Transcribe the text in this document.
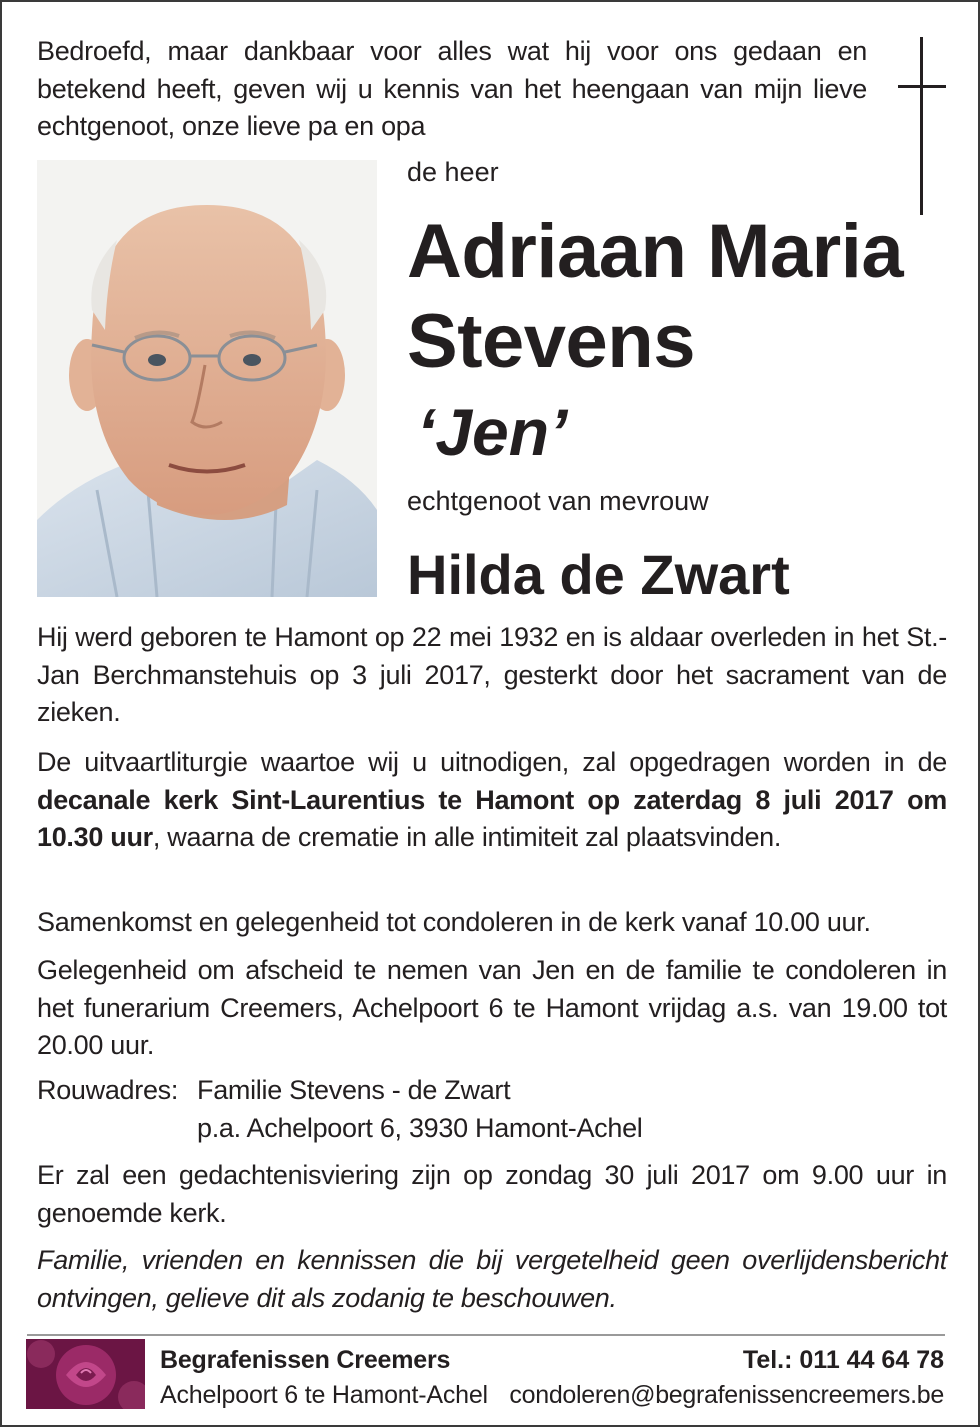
Bedroefd, maar dankbaar voor alles wat hij voor ons gedaan en betekend heeft, geven wij u kennis van het heengaan van mijn lieve echtgenoot, onze lieve pa en opa
de heer
Adriaan Maria
Stevens
‘Jen’
echtgenoot van mevrouw
Hilda de Zwart
Hij werd geboren te Hamont op 22 mei 1932 en is aldaar overleden in het St.-Jan Berchmanstehuis op 3 juli 2017, gesterkt door het sacrament van de zieken.
De uitvaartliturgie waartoe wij u uitnodigen, zal opgedragen worden in de decanale kerk Sint-Laurentius te Hamont op zaterdag 8 juli 2017 om 10.30 uur, waarna de crematie in alle intimiteit zal plaatsvinden.
Samenkomst en gelegenheid tot condoleren in de kerk vanaf 10.00 uur.
Gelegenheid om afscheid te nemen van Jen en de familie te condoleren in het funerarium Creemers, Achelpoort 6 te Hamont vrijdag a.s. van 19.00 tot 20.00 uur.
Rouwadres: Familie Stevens - de Zwart
p.a. Achelpoort 6, 3930 Hamont-Achel
Er zal een gedachtenisviering zijn op zondag 30 juli 2017 om 9.00 uur in genoemde kerk.
Familie, vrienden en kennissen die bij vergetelheid geen overlijdensbericht ontvingen, gelieve dit als zodanig te beschouwen.
Begrafenissen Creemers
Achelpoort 6 te Hamont-Achel
Tel.: 011 44 64 78
condoleren@begrafenissencreemers.be
